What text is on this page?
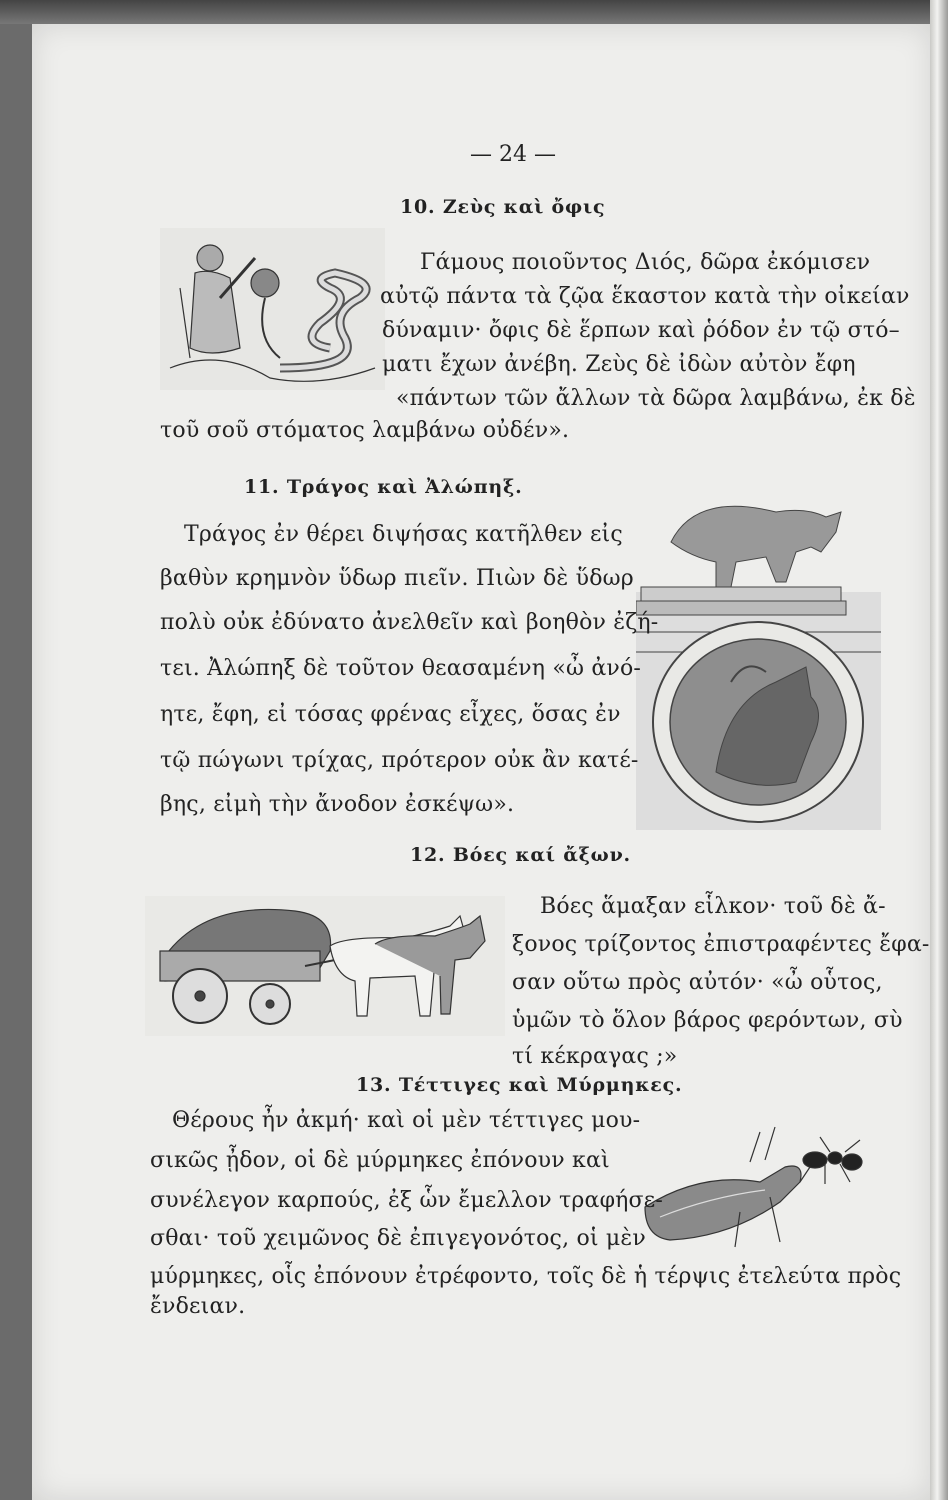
— 24 —
10. Ζεὺς καὶ ὄφις
Γάμους ποιοῦντος Διός, δῶρα ἐκόμισεν
αὐτῷ πάντα τὰ ζῷα ἕκαστον κατὰ τὴν οἰκείαν
δύναμιν· ὄφις δὲ ἕρπων καὶ ῥόδον ἐν τῷ στό–
ματι ἔχων ἀνέβη. Ζεὺς δὲ ἰδὼν αὐτὸν ἔφη
«πάντων τῶν ἄλλων τὰ δῶρα λαμβάνω, ἐκ δὲ
τοῦ σοῦ στόματος λαμβάνω οὐδέν».
11. Τράγος καὶ Ἀλώπηξ.
Τράγος ἐν θέρει διψήσας κατῆλθεν εἰς
βαθὺν κρημνὸν ὕδωρ πιεῖν. Πιὼν δὲ ὕδωρ
πολὺ οὐκ ἐδύνατο ἀνελθεῖν καὶ βοηθὸν ἐζή-
τει. Ἀλώπηξ δὲ τοῦτον θεασαμένη «ὦ ἀνό-
ητε, ἔφη, εἰ τόσας φρένας εἶχες, ὅσας ἐν
τῷ πώγωνι τρίχας, πρότερον οὐκ ἂν κατέ-
βης, εἰμὴ τὴν ἄνοδον ἐσκέψω».
12. Βόες καί ἄξων.
Βόες ἅμαξαν εἷλκον· τοῦ δὲ ἄ-
ξονος τρίζοντος ἐπιστραφέντες ἔφα-
σαν οὕτω πρὸς αὐτόν· «ὦ οὗτος,
ὑμῶν τὸ ὅλον βάρος φερόντων, σὺ
τί κέκραγας ;»
13. Τέττιγες καὶ Μύρμηκες.
Θέρους ἦν ἀκμή· καὶ οἱ μὲν τέττιγες μου-
σικῶς ᾖδον, οἱ δὲ μύρμηκες ἐπόνουν καὶ
συνέλεγον καρπούς, ἐξ ὧν ἔμελλον τραφήσε-
σθαι· τοῦ χειμῶνος δὲ ἐπιγεγονότος, οἱ μὲν
μύρμηκες, οἷς ἐπόνουν ἐτρέφοντο, τοῖς δὲ ἡ τέρψις ἐτελεύτα πρὸς
ἔνδειαν.
